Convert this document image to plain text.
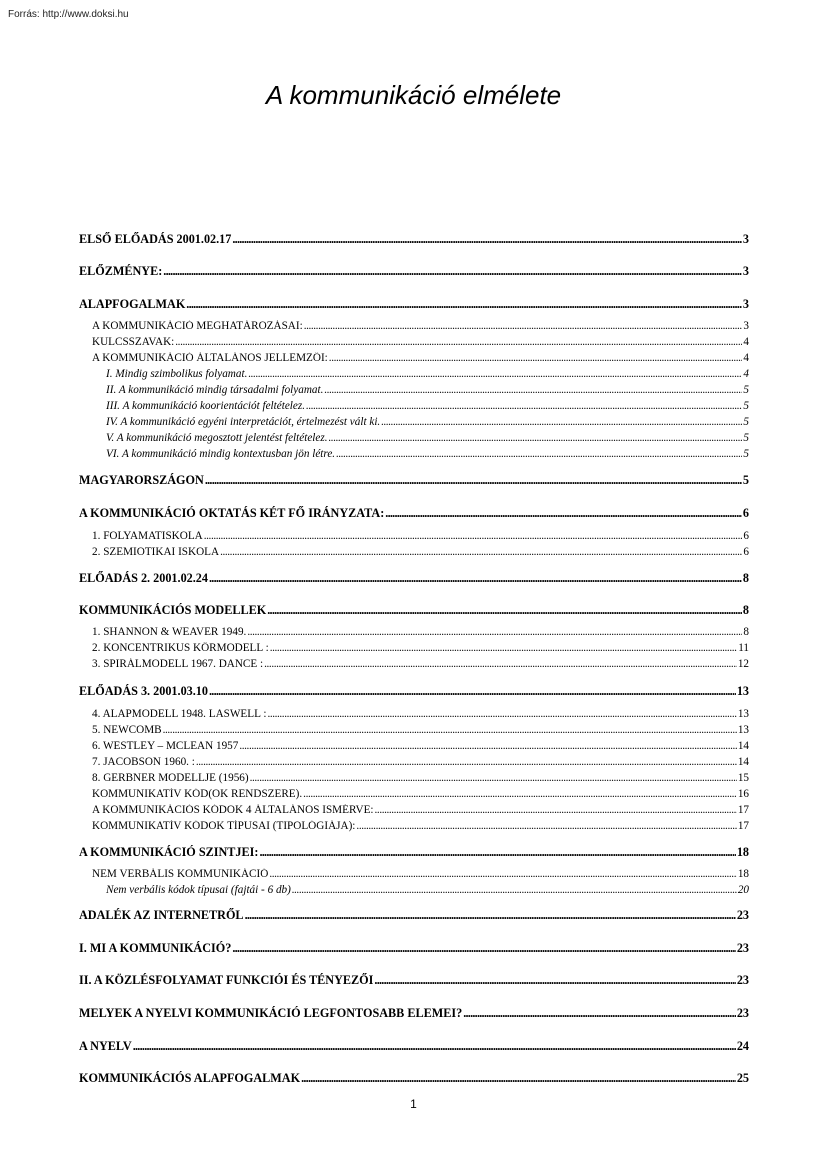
Forrás: http://www.doksi.hu
A kommunikáció elmélete
ELSŐ ELŐADÁS 2001.02.17 . . .	3
ELŐZMÉNYE: . . .	3
ALAPFOGALMAK . . .	3
A KOMMUNIKÁCIÓ MEGHATÁROZÁSAI: . . .	3
KULCSSZAVAK: . . .	4
A KOMMUNIKÁCIÓ ÁLTALÁNOS JELLEMZŐI: . . .	4
I. Mindig szimbolikus folyamat. . . .	4
II. A kommunikáció mindig társadalmi folyamat. . . .	5
III. A kommunikáció koorientációt feltételez. . . .	5
IV. A kommunikáció egyéni interpretációt, értelmezést vált ki. . . .	5
V. A kommunikáció megosztott jelentést feltételez. . . .	5
VI. A kommunikáció mindig kontextusban jön létre. . . .	5
MAGYARORSZÁGON . . .	5
A KOMMUNIKÁCIÓ OKTATÁS KÉT FŐ IRÁNYZATA: . . .	6
1. FOLYAMATISKOLA . . .	6
2. SZEMIOTIKAI ISKOLA . . .	6
ELŐADÁS 2. 2001.02.24 . . .	8
KOMMUNIKÁCIÓS MODELLEK . . .	8
1. SHANNON & WEAVER 1949. . . .	8
2. KONCENTRIKUS KÖRMODELL : . . .	11
3. SPIRÁLMODELL 1967. DANCE : . . .	12
ELŐADÁS 3. 2001.03.10 . . .	13
4. ALAPMODELL 1948. LASWELL : . . .	13
5. NEWCOMB . . .	13
6. WESTLEY – MCLEAN 1957 . . .	14
7. JACOBSON 1960. : . . .	14
8. GERBNER MODELLJE (1956) . . .	15
KOMMUNIKATÍV KÓD(OK RENDSZERE). . . .	16
A KOMMUNIKÁCIÓS KÓDOK 4 ÁLTALÁNOS ISMÉRVE: . . .	17
KOMMUNIKATÍV KÓDOK TÍPUSAI (TIPOLÓGIÁJA): . . .	17
A KOMMUNIKÁCIÓ SZINTJEI: . . .	18
NEM VERBÁLIS KOMMUNIKÁCIÓ . . .	18
Nem verbális kódok típusai (fajtái - 6 db) . . .	20
ADALÉK AZ INTERNETRŐL . . .	23
I. MI A KOMMUNIKÁCIÓ? . . .	23
II. A KÖZLÉSFOLYAMAT FUNKCIÓI ÉS TÉNYEZŐI . . .	23
MELYEK A NYELVI KOMMUNIKÁCIÓ LEGFONTOSABB ELEMEI? . . .	23
A NYELV . . .	24
KOMMUNIKÁCIÓS ALAPFOGALMAK . . .	25
1
